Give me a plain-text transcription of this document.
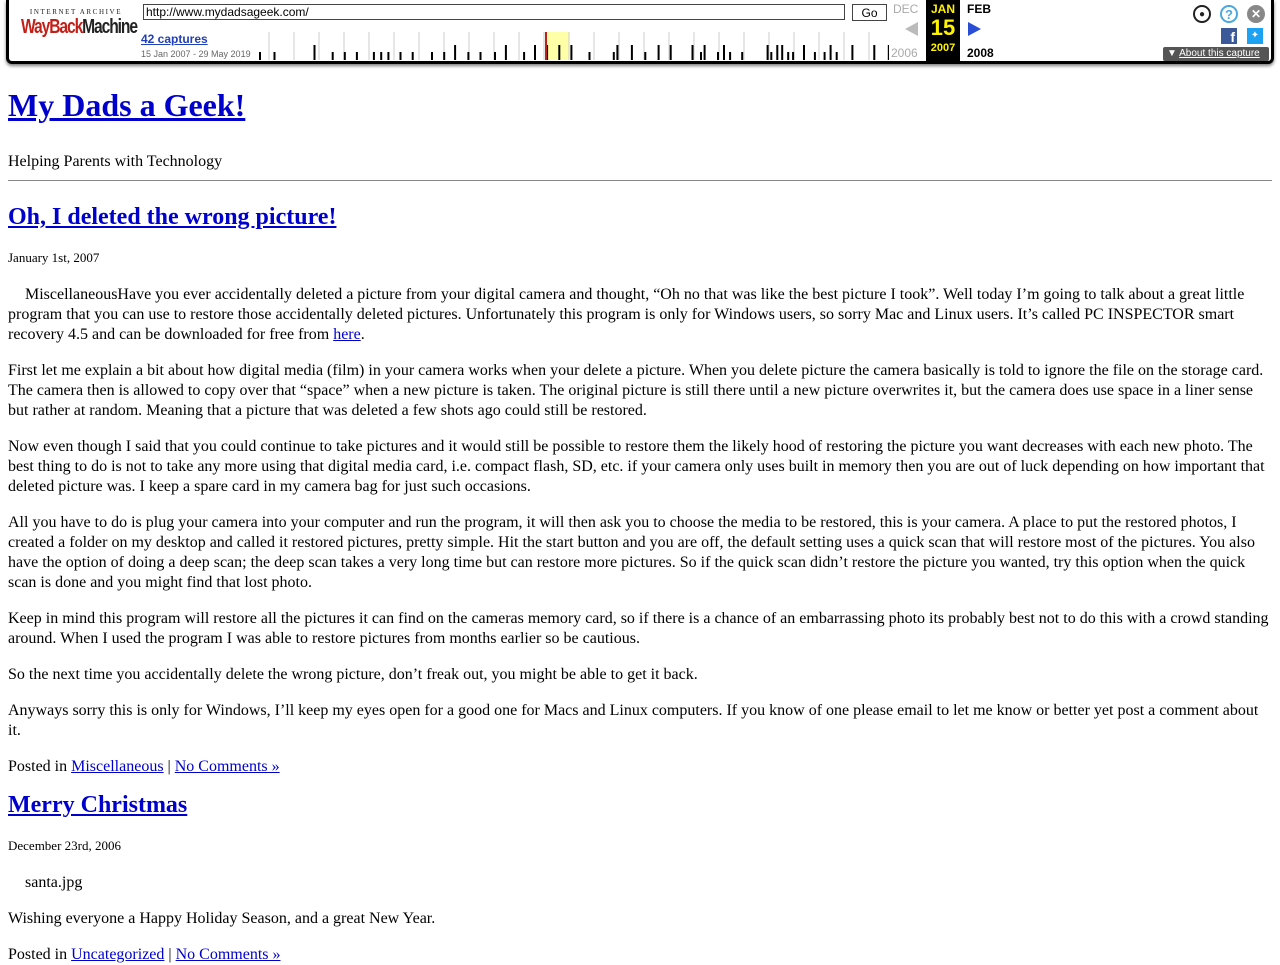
INTERNET ARCHIVE
WayBackMachine
http://www.mydadsageek.com/
Go
42 captures
15 Jan 2007 - 29 May 2019
DEC
2006
JAN
15
2007
FEB
2008
●	?	✕
f	✦
▼ About this capture
My Dads a Geek!

Helping Parents with Technology

Oh, I deleted the wrong picture!

January 1st, 2007

MiscellaneousHave you ever accidentally deleted a picture from your digital camera and thought, “Oh no that was like the best picture I took”. Well today I’m going to talk about a great little program that you can use to restore those accidentally deleted pictures. Unfortunately this program is only for Windows users, so sorry Mac and Linux users. It’s called PC INSPECTOR smart recovery 4.5 and can be downloaded for free from here.

First let me explain a bit about how digital media (film) in your camera works when your delete a picture. When you delete picture the camera basically is told to ignore the file on the storage card. The camera then is allowed to copy over that “space” when a new picture is taken. The original picture is still there until a new picture overwrites it, but the camera does use space in a liner sense but rather at random. Meaning that a picture that was deleted a few shots ago could still be restored.

Now even though I said that you could continue to take pictures and it would still be possible to restore them the likely hood of restoring the picture you want decreases with each new photo. The best thing to do is not to take any more using that digital media card, i.e. compact flash, SD, etc. if your camera only uses built in memory then you are out of luck depending on how important that deleted picture was. I keep a spare card in my camera bag for just such occasions.

All you have to do is plug your camera into your computer and run the program, it will then ask you to choose the media to be restored, this is your camera. A place to put the restored photos, I created a folder on my desktop and called it restored pictures, pretty simple. Hit the start button and you are off, the default setting uses a quick scan that will restore most of the pictures. You also have the option of doing a deep scan; the deep scan takes a very long time but can restore more pictures. So if the quick scan didn’t restore the picture you wanted, try this option when the quick scan is done and you might find that lost photo.

Keep in mind this program will restore all the pictures it can find on the cameras memory card, so if there is a chance of an embarrassing photo its probably best not to do this with a crowd standing around. When I used the program I was able to restore pictures from months earlier so be cautious.

So the next time you accidentally delete the wrong picture, don’t freak out, you might be able to get it back.

Anyways sorry this is only for Windows, I’ll keep my eyes open for a good one for Macs and Linux computers. If you know of one please email to let me know or better yet post a comment about it.

Posted in Miscellaneous | No Comments »

Merry Christmas

December 23rd, 2006

santa.jpg

Wishing everyone a Happy Holiday Season, and a great New Year.

Posted in Uncategorized | No Comments »
